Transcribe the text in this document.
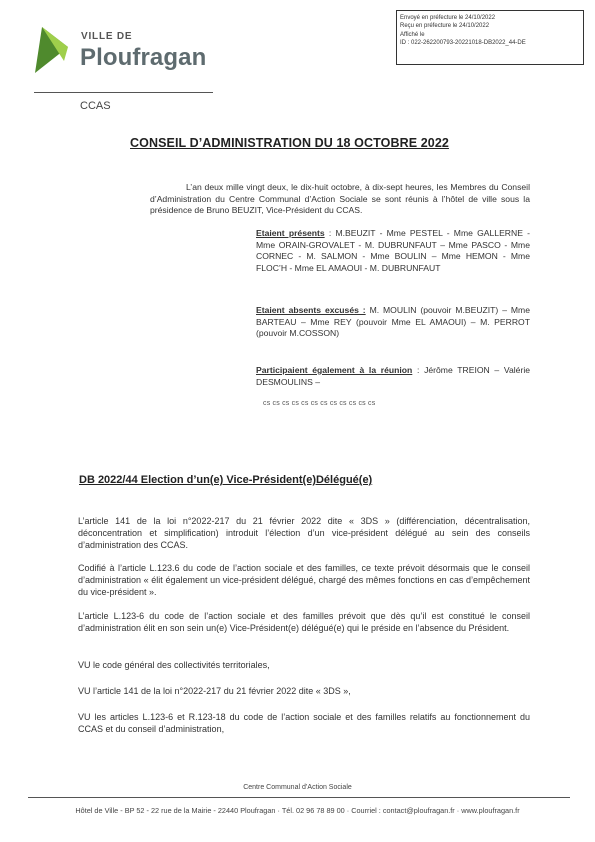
Envoyé en préfecture le 24/10/2022
Reçu en préfecture le 24/10/2022
Affiché le
ID : 022-262200793-20221018-DB2022_44-DE
VILLE DE
Ploufragan
CCAS
CONSEIL D’ADMINISTRATION DU 18 OCTOBRE 2022
L’an deux mille vingt deux, le dix-huit octobre, à dix-sept heures, les Membres du Conseil d’Administration du Centre Communal d’Action Sociale se sont réunis à l’hôtel de ville sous la présidence de Bruno BEUZIT, Vice-Président du CCAS.
Etaient présents : M.BEUZIT - Mme PESTEL - Mme GALLERNE - Mme ORAIN-GROVALET - M. DUBRUNFAUT – Mme PASCO - Mme CORNEC - M. SALMON - Mme BOULIN – Mme HEMON - Mme FLOC’H - Mme EL AMAOUI - M. DUBRUNFAUT
Etaient absents excusés : M. MOULIN (pouvoir M.BEUZIT) – Mme BARTEAU – Mme REY (pouvoir Mme EL AMAOUI) – M. PERROT (pouvoir M.COSSON)
Participaient également à la réunion : Jérôme TREION – Valérie DESMOULINS –
cs cs cs cs cs cs cs cs cs cs cs cs
DB 2022/44 Election d’un(e) Vice-Président(e)Délégué(e)
L’article 141 de la loi n°2022-217 du 21 février 2022 dite « 3DS » (différenciation, décentralisation, déconcentration et simplification) introduit l’élection d’un vice-président délégué au sein des conseils d’administration des CCAS.
Codifié à l’article L.123.6 du code de l’action sociale et des familles, ce texte prévoit désormais que le conseil d’administration « élit également un vice-président délégué, chargé des mêmes fonctions en cas d’empêchement du vice-président ».
L’article L.123-6 du code de l’action sociale et des familles prévoit que dès qu’il est constitué le conseil d’administration élit en son sein un(e) Vice-Président(e) délégué(e) qui le préside en l’absence du Président.
VU le code général des collectivités territoriales,
VU l’article 141 de la loi n°2022-217 du 21 février 2022 dite « 3DS »,
VU les articles L.123-6 et R.123-18 du code de l’action sociale et des familles relatifs au fonctionnement du CCAS et du conseil d’administration,
Centre Communal d’Action Sociale
Hôtel de Ville - BP 52 - 22 rue de la Mairie - 22440 Ploufragan · Tél. 02 96 78 89 00 · Courriel : contact@ploufragan.fr · www.ploufragan.fr
